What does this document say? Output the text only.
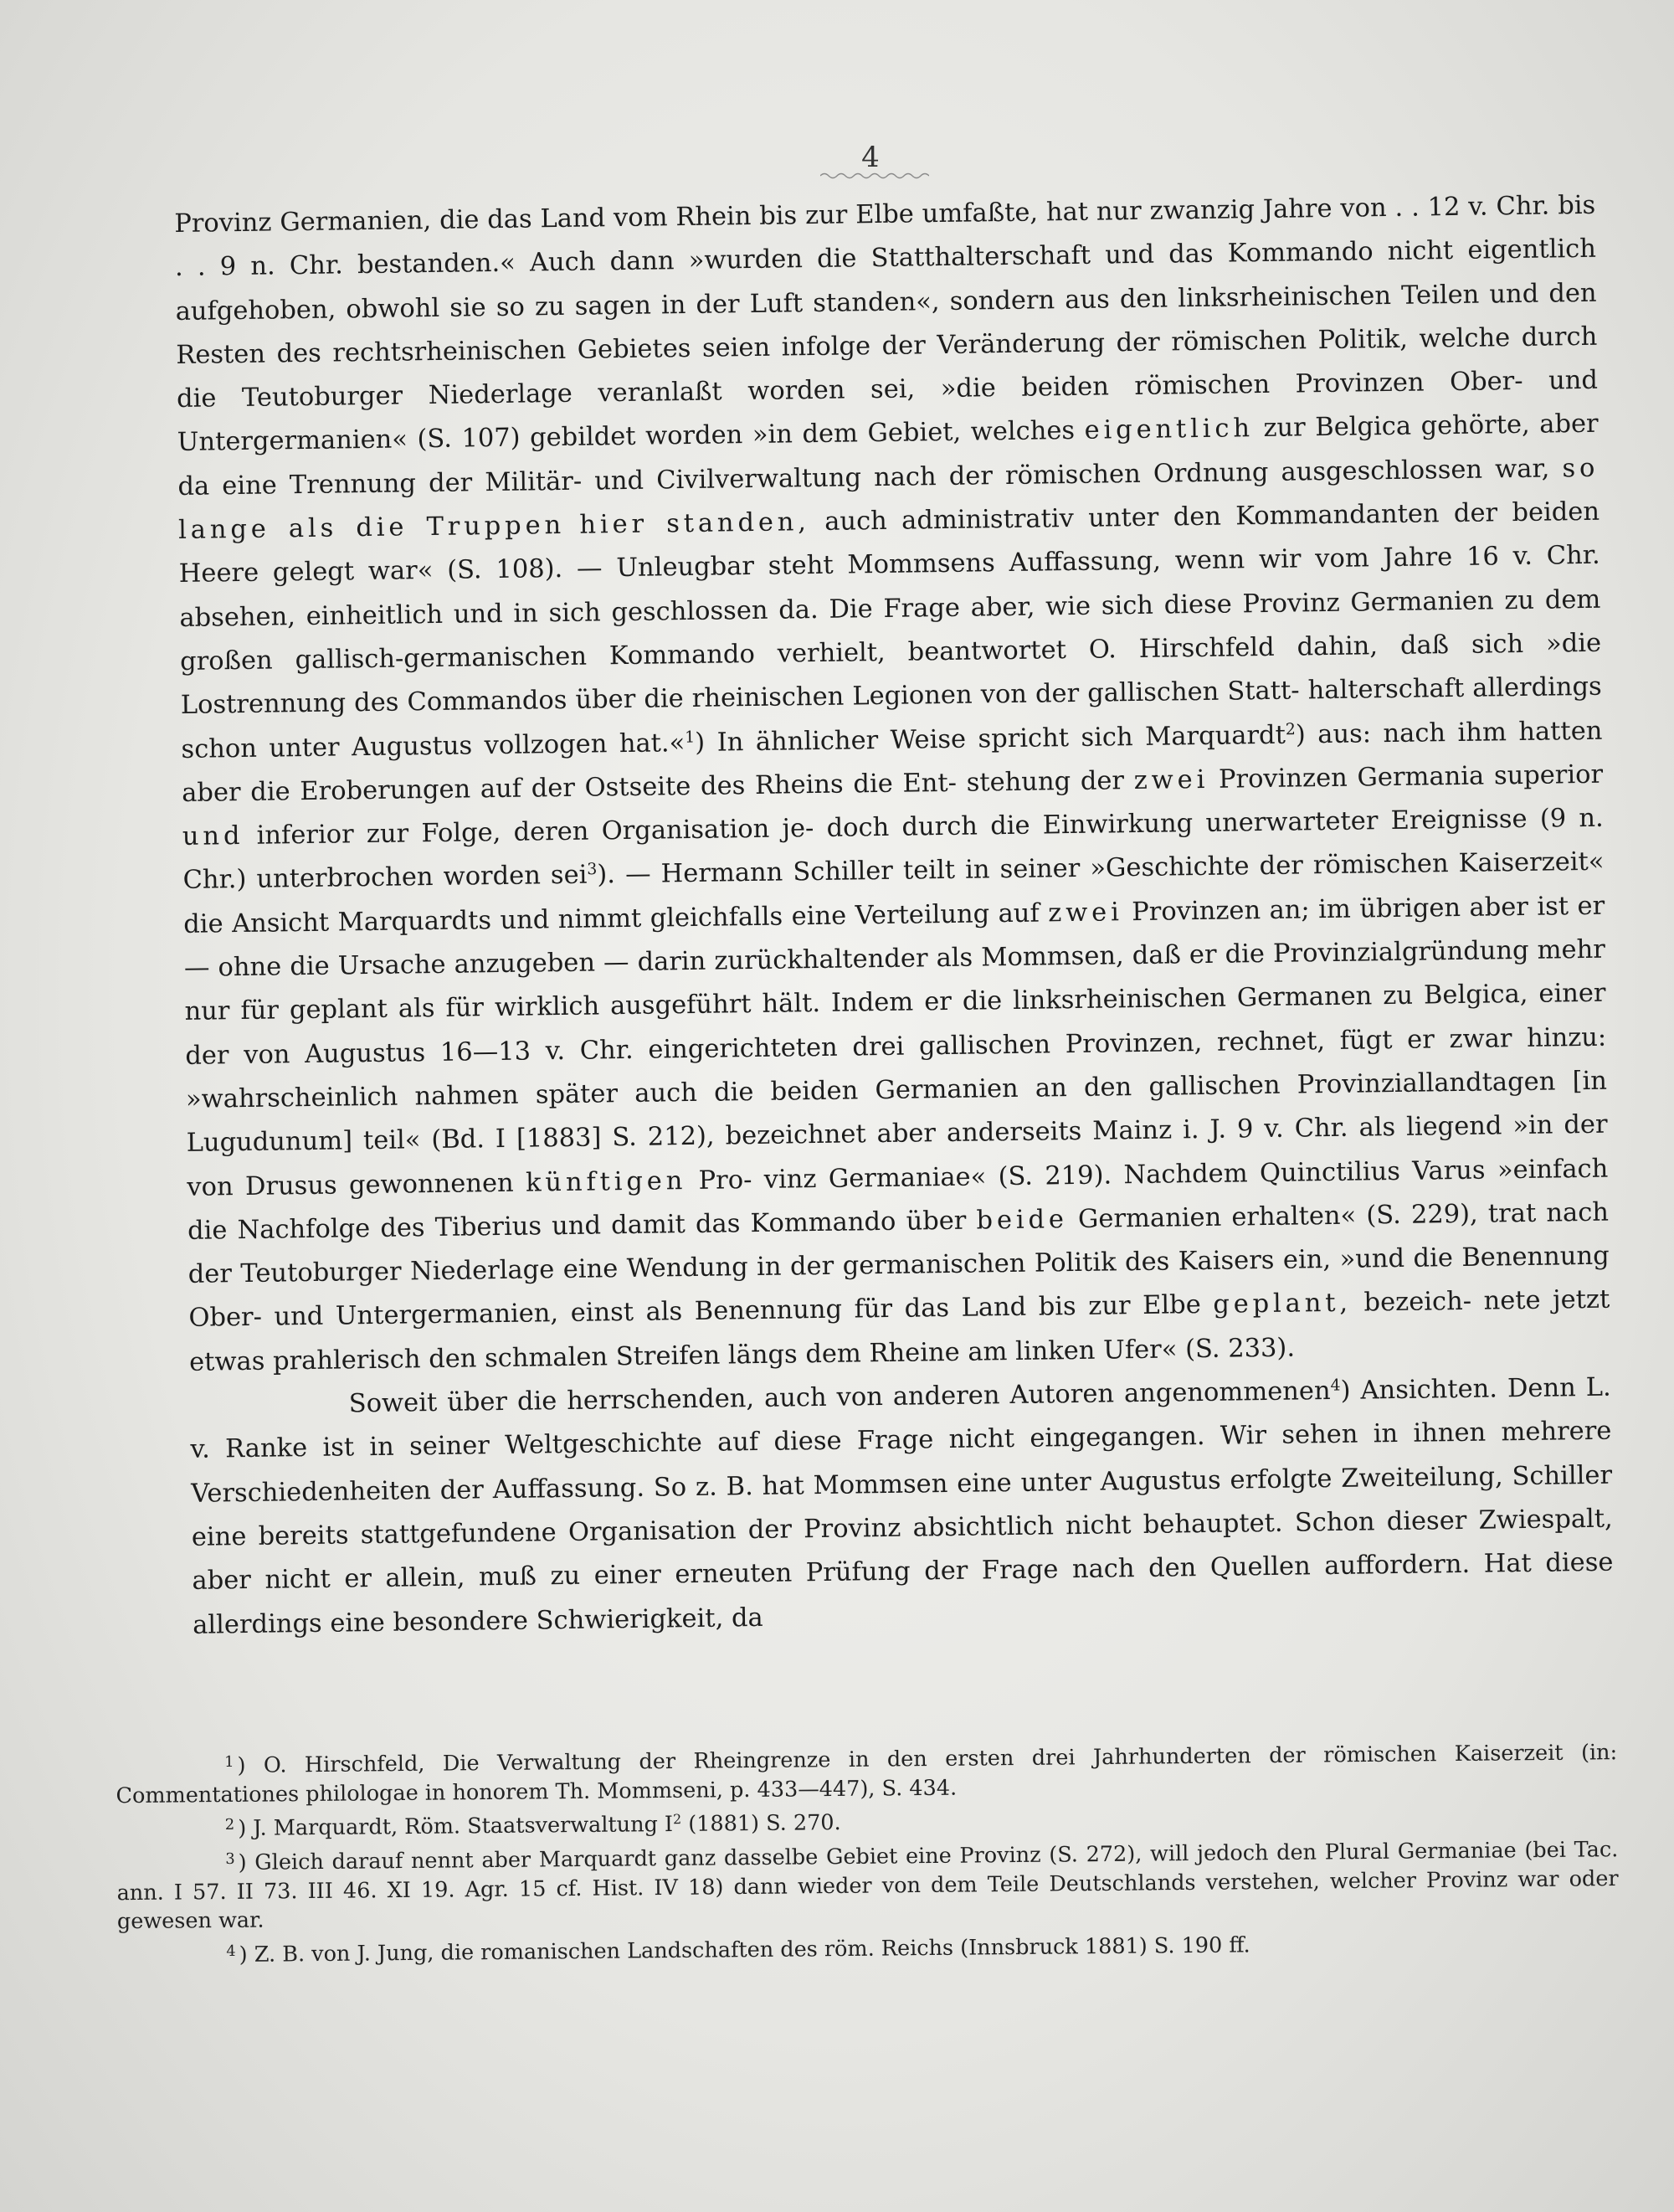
4

Provinz Germanien, die das Land vom Rhein bis zur Elbe umfaßte, hat nur zwanzig Jahre von . . 12 v. Chr. bis . . 9 n. Chr. bestanden.« Auch dann »wurden die Statthalterschaft und das Kommando nicht eigentlich aufgehoben, obwohl sie so zu sagen in der Luft standen«, sondern aus den linksrheinischen Teilen und den Resten des rechtsrheinischen Gebietes seien infolge der Veränderung der römischen Politik, welche durch die Teutoburger Niederlage veranlaßt worden sei, »die beiden römischen Provinzen Ober- und Untergermanien« (S. 107) gebildet worden »in dem Gebiet, welches eigentlich zur Belgica gehörte, aber da eine Trennung der Militär- und Civilverwaltung nach der römischen Ordnung ausgeschlossen war, so lange als die Truppen hier standen, auch administrativ unter den Kommandanten der beiden Heere gelegt war« (S. 108). — Unleugbar steht Mommsens Auffassung, wenn wir vom Jahre 16 v. Chr. absehen, einheitlich und in sich geschlossen da. Die Frage aber, wie sich diese Provinz Germanien zu dem großen gallisch-germanischen Kommando verhielt, beantwortet O. Hirschfeld dahin, daß sich »die Lostrennung des Commandos über die rheinischen Legionen von der gallischen Statt- halterschaft allerdings schon unter Augustus vollzogen hat.«$^1$) In ähnlicher Weise spricht sich Marquardt$^2$) aus: nach ihm hatten aber die Eroberungen auf der Ostseite des Rheins die Ent- stehung der zwei Provinzen Germania superior und inferior zur Folge, deren Organisation je- doch durch die Einwirkung unerwarteter Ereignisse (9 n. Chr.) unterbrochen worden sei$^3$). — Hermann Schiller teilt in seiner »Geschichte der römischen Kaiserzeit« die Ansicht Marquardts und nimmt gleichfalls eine Verteilung auf zwei Provinzen an; im übrigen aber ist er — ohne die Ursache anzugeben — darin zurückhaltender als Mommsen, daß er die Provinzialgründung mehr nur für geplant als für wirklich ausgeführt hält. Indem er die linksrheinischen Germanen zu Belgica, einer der von Augustus 16—13 v. Chr. eingerichteten drei gallischen Provinzen, rechnet, fügt er zwar hinzu: »wahrscheinlich nahmen später auch die beiden Germanien an den gallischen Provinziallandtagen [in Lugudunum] teil« (Bd. I [1883] S. 212), bezeichnet aber anderseits Mainz i. J. 9 v. Chr. als liegend »in der von Drusus gewonnenen künftigen Pro- vinz Germaniae« (S. 219). Nachdem Quinctilius Varus »einfach die Nachfolge des Tiberius und damit das Kommando über beide Germanien erhalten« (S. 229), trat nach der Teutoburger Niederlage eine Wendung in der germanischen Politik des Kaisers ein, »und die Benennung Ober- und Untergermanien, einst als Benennung für das Land bis zur Elbe geplant, bezeich- nete jetzt etwas prahlerisch den schmalen Streifen längs dem Rheine am linken Ufer« (S. 233).

Soweit über die herrschenden, auch von anderen Autoren angenommenen$^4$) Ansichten. Denn L. v. Ranke ist in seiner Weltgeschichte auf diese Frage nicht eingegangen. Wir sehen in ihnen mehrere Verschiedenheiten der Auffassung. So z. B. hat Mommsen eine unter Augustus erfolgte Zweiteilung, Schiller eine bereits stattgefundene Organisation der Provinz absichtlich nicht behauptet. Schon dieser Zwiespalt, aber nicht er allein, muß zu einer erneuten Prüfung der Frage nach den Quellen auffordern. Hat diese allerdings eine besondere Schwierigkeit, da

$^1$ ) O. Hirschfeld, Die Verwaltung der Rheingrenze in den ersten drei Jahrhunderten der römischen Kaiserzeit (in: Commentationes philologae in honorem Th. Mommseni, p. 433—447), S. 434.

$^2$ ) J. Marquardt, Röm. Staatsverwaltung $I^2$ (1881) S. 270.

$^3$ ) Gleich darauf nennt aber Marquardt ganz dasselbe Gebiet eine Provinz (S. 272), will jedoch den Plural Germaniae (bei Tac. ann. I 57. II 73. III 46. XI 19. Agr. 15 cf. Hist. IV 18) dann wieder von dem Teile Deutschlands verstehen, welcher Provinz war oder gewesen war.

$^4$ ) Z. B. von J. Jung, die romanischen Landschaften des röm. Reichs (Innsbruck 1881) S. 190 ff.
